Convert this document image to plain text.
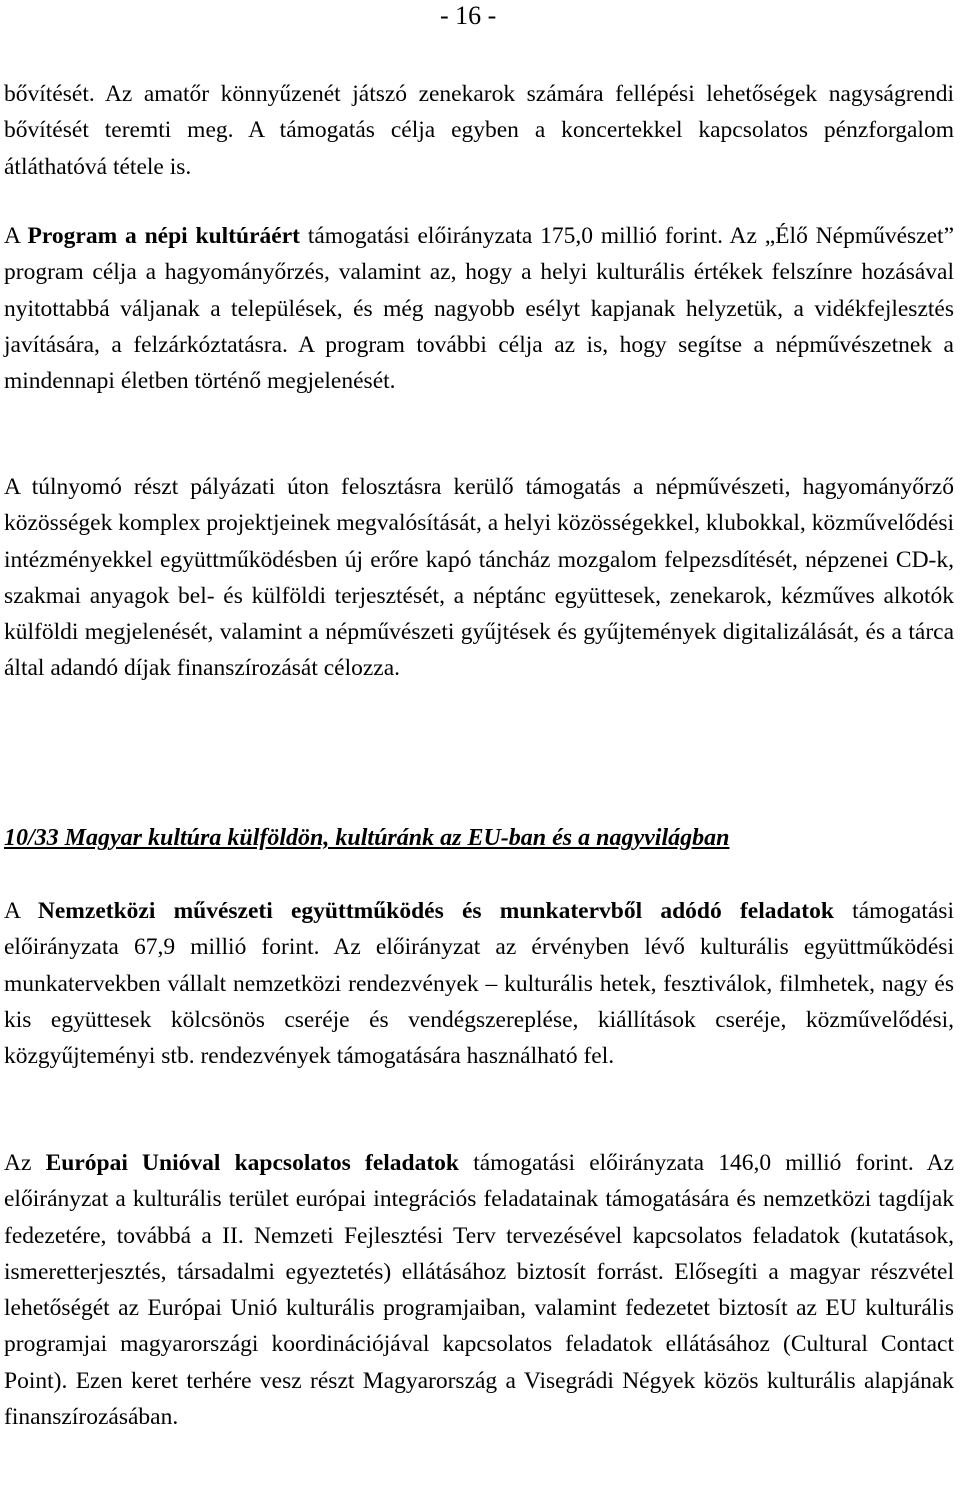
- 16 -

bővítését. Az amatőr könnyűzenét játszó zenekarok számára fellépési lehetőségek nagyságrendi bővítését teremti meg. A támogatás célja egyben a koncertekkel kapcsolatos pénzforgalom átláthatóvá tétele is.

A Program a népi kultúráért támogatási előirányzata 175,0 millió forint. Az „Élő Népművészet” program célja a hagyományőrzés, valamint az, hogy a helyi kulturális értékek felszínre hozásával nyitottabbá váljanak a települések, és még nagyobb esélyt kapjanak helyzetük, a vidékfejlesztés javítására, a felzárkóztatásra. A program további célja az is, hogy segítse a népművészetnek a mindennapi életben történő megjelenését.

A túlnyomó részt pályázati úton felosztásra kerülő támogatás a népművészeti, hagyományőrző közösségek komplex projektjeinek megvalósítását, a helyi közösségekkel, klubokkal, közművelődési intézményekkel együttműködésben új erőre kapó táncház mozgalom felpezsdítését, népzenei CD-k, szakmai anyagok bel- és külföldi terjesztését, a néptánc együttesek, zenekarok, kézműves alkotók külföldi megjelenését, valamint a népművészeti gyűjtések és gyűjtemények digitalizálását, és a tárca által adandó díjak finanszírozását célozza.

10/33 Magyar kultúra külföldön, kultúránk az EU-ban és a nagyvilágban

A Nemzetközi művészeti együttműködés és munkatervből adódó feladatok támogatási előirányzata 67,9 millió forint. Az előirányzat az érvényben lévő kulturális együttműködési munkatervekben vállalt nemzetközi rendezvények – kulturális hetek, fesztiválok, filmhetek, nagy és kis együttesek kölcsönös cseréje és vendégszereplése, kiállítások cseréje, közművelődési, közgyűjteményi stb. rendezvények támogatására használható fel.

Az Európai Unióval kapcsolatos feladatok támogatási előirányzata 146,0 millió forint. Az előirányzat a kulturális terület európai integrációs feladatainak támogatására és nemzetközi tagdíjak fedezetére, továbbá a II. Nemzeti Fejlesztési Terv tervezésével kapcsolatos feladatok (kutatások, ismeretterjesztés, társadalmi egyeztetés) ellátásához biztosít forrást. Elősegíti a magyar részvétel lehetőségét az Európai Unió kulturális programjaiban, valamint fedezetet biztosít az EU kulturális programjai magyarországi koordinációjával kapcsolatos feladatok ellátásához (Cultural Contact Point). Ezen keret terhére vesz részt Magyarország a Visegrádi Négyek közös kulturális alapjának finanszírozásában.
